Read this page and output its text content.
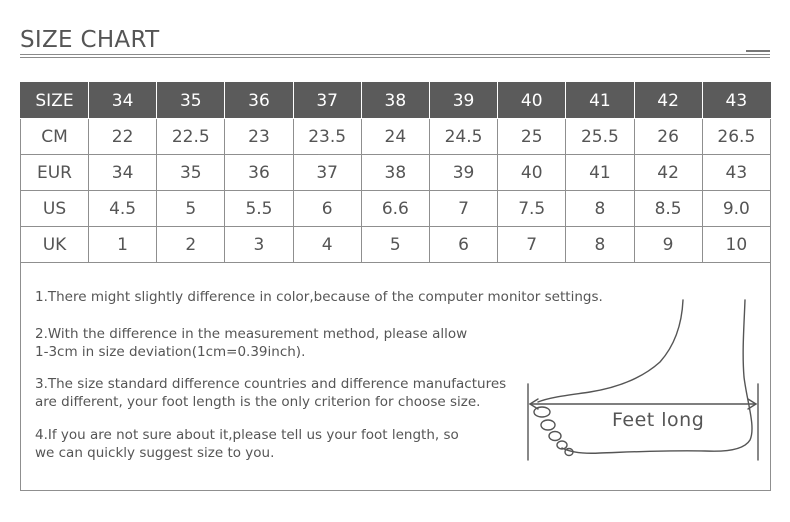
SIZE CHART
SIZE	34	35	36	37	38	39	40	41	42	43
CM	22	22.5	23	23.5	24	24.5	25	25.5	26	26.5
EUR	34	35	36	37	38	39	40	41	42	43
US	4.5	5	5.5	6	6.6	7	7.5	8	8.5	9.0
UK	1	2	3	4	5	6	7	8	9	10
1.There might slightly difference in color,because of the computer monitor settings.
2.With the difference in the measurement method, please allow
1-3cm in size deviation(1cm=0.39inch).
3.The size standard difference countries and difference manufactures
are different, your foot length is the only criterion for choose size.
4.If you are not sure about it,please tell us your foot length, so
we can quickly suggest size to you.
Feet long
